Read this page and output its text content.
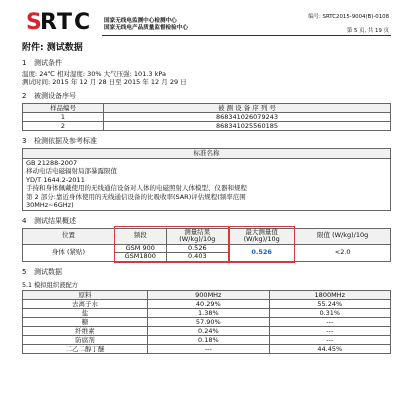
S
R T C 国家无线电监测中心检测中心
国家无线电产品质量监督检验中心
编号: SRTC2015-9004(B)-0108
第 5 页, 共 19 页
附件: 测试数据
1 测试条件

温度: 24℃ 相对湿度: 30% 大气压强: 101.3 kPa

测试时间: 2015 年 12 月 28 日至 2015 年 12 月 29 日

2 被测设备序号
样品编号	被 测 设 备 序 列 号
1	868341026079243
2	868341025560185
3 检测依据及参考标准
标准名称

GB 21288-2007
移动电话电磁辐射局部暴露限值
YD/T 1644.2-2011
手持和身体佩戴使用的无线通信设备对人体的电磁照射人体模型、仪器和规程
第 2 部分:靠近身体使用的无线通信设备的比吸收率(SAR)评估规程(频率范围
30MHz~6GHz)
4 测试结果概述
位置	频段	测量结果 (W/kg)/10g	最大测量值 (W/kg)/10g	限值 (W/kg)/10g
身体 (紧贴)	GSM 900	0.526	0.526	<2.0
	GSM1800	0.403		
5 测试数据

5.1 模拟组织液配方

原料	900MHz	1800MHz
去离子水	40.29%	55.24%
盐	1.38%	0.31%
糖	57.90%	---
纤维素	0.24%	---
防腐剂	0.18%	---
二乙二醇丁醚	---	44.45%
